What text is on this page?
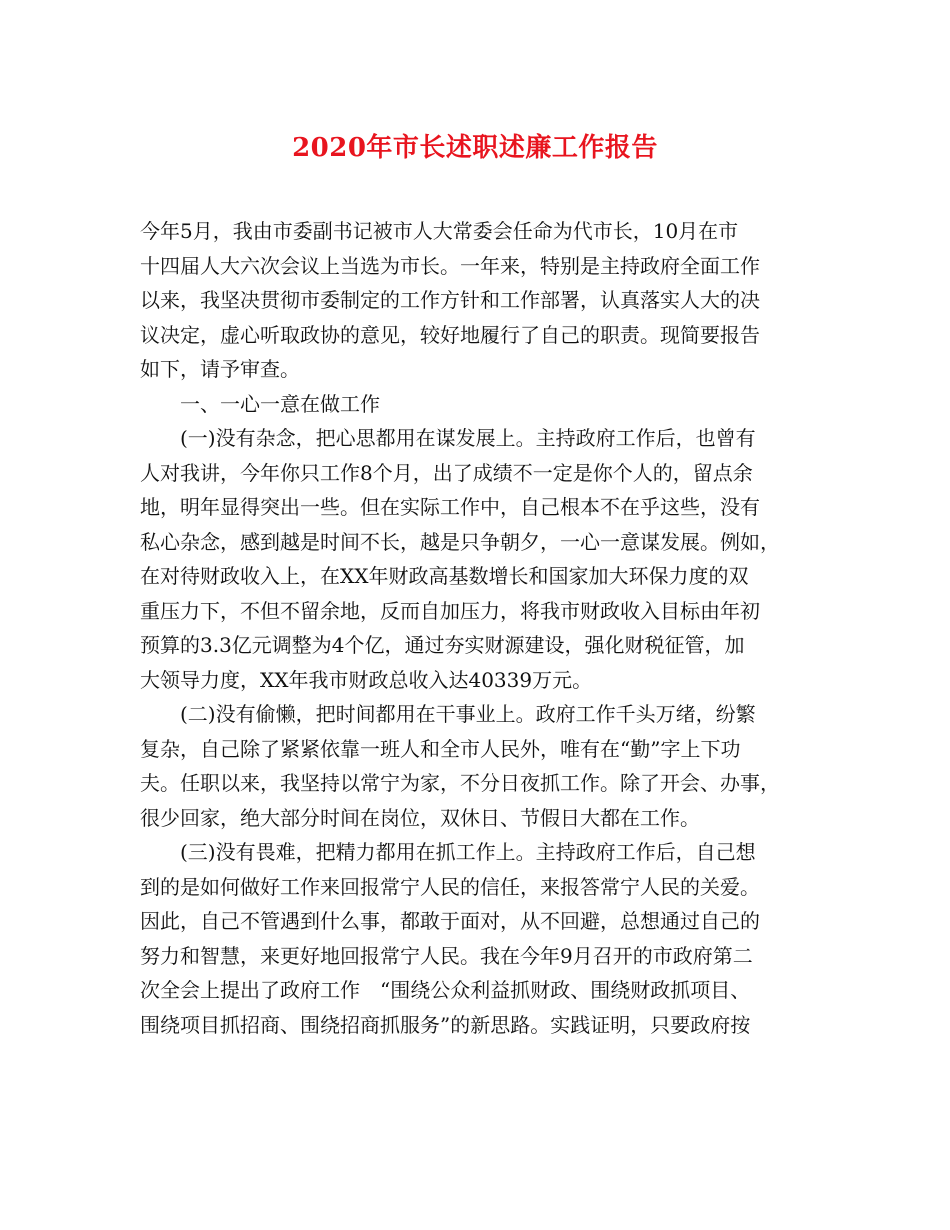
2020年市长述职述廉工作报告
今年5月，我由市委副书记被市人大常委会任命为代市长，10月在市
十四届人大六次会议上当选为市长。一年来，特别是主持政府全面工作
以来，我坚决贯彻市委制定的工作方针和工作部署，认真落实人大的决
议决定，虚心听取政协的意见，较好地履行了自己的职责。现简要报告
如下，请予审查。
　　一、一心一意在做工作
　　(一)没有杂念，把心思都用在谋发展上。主持政府工作后，也曾有
人对我讲，今年你只工作8个月，出了成绩不一定是你个人的，留点余
地，明年显得突出一些。但在实际工作中，自己根本不在乎这些，没有
私心杂念，感到越是时间不长，越是只争朝夕，一心一意谋发展。例如，
在对待财政收入上，在XX年财政高基数增长和国家加大环保力度的双
重压力下，不但不留余地，反而自加压力，将我市财政收入目标由年初
预算的3.3亿元调整为4个亿，通过夯实财源建设，强化财税征管，加
大领导力度，XX年我市财政总收入达40339万元。
　　(二)没有偷懒，把时间都用在干事业上。政府工作千头万绪，纷繁
复杂，自己除了紧紧依靠一班人和全市人民外，唯有在“勤”字上下功
夫。任职以来，我坚持以常宁为家，不分日夜抓工作。除了开会、办事，
很少回家，绝大部分时间在岗位，双休日、节假日大都在工作。
　　(三)没有畏难，把精力都用在抓工作上。主持政府工作后，自己想
到的是如何做好工作来回报常宁人民的信任，来报答常宁人民的关爱。
因此，自己不管遇到什么事，都敢于面对，从不回避，总想通过自己的
努力和智慧，来更好地回报常宁人民。我在今年9月召开的市政府第二
次全会上提出了政府工作　“围绕公众利益抓财政、围绕财政抓项目、
围绕项目抓招商、围绕招商抓服务”的新思路。实践证明，只要政府按
